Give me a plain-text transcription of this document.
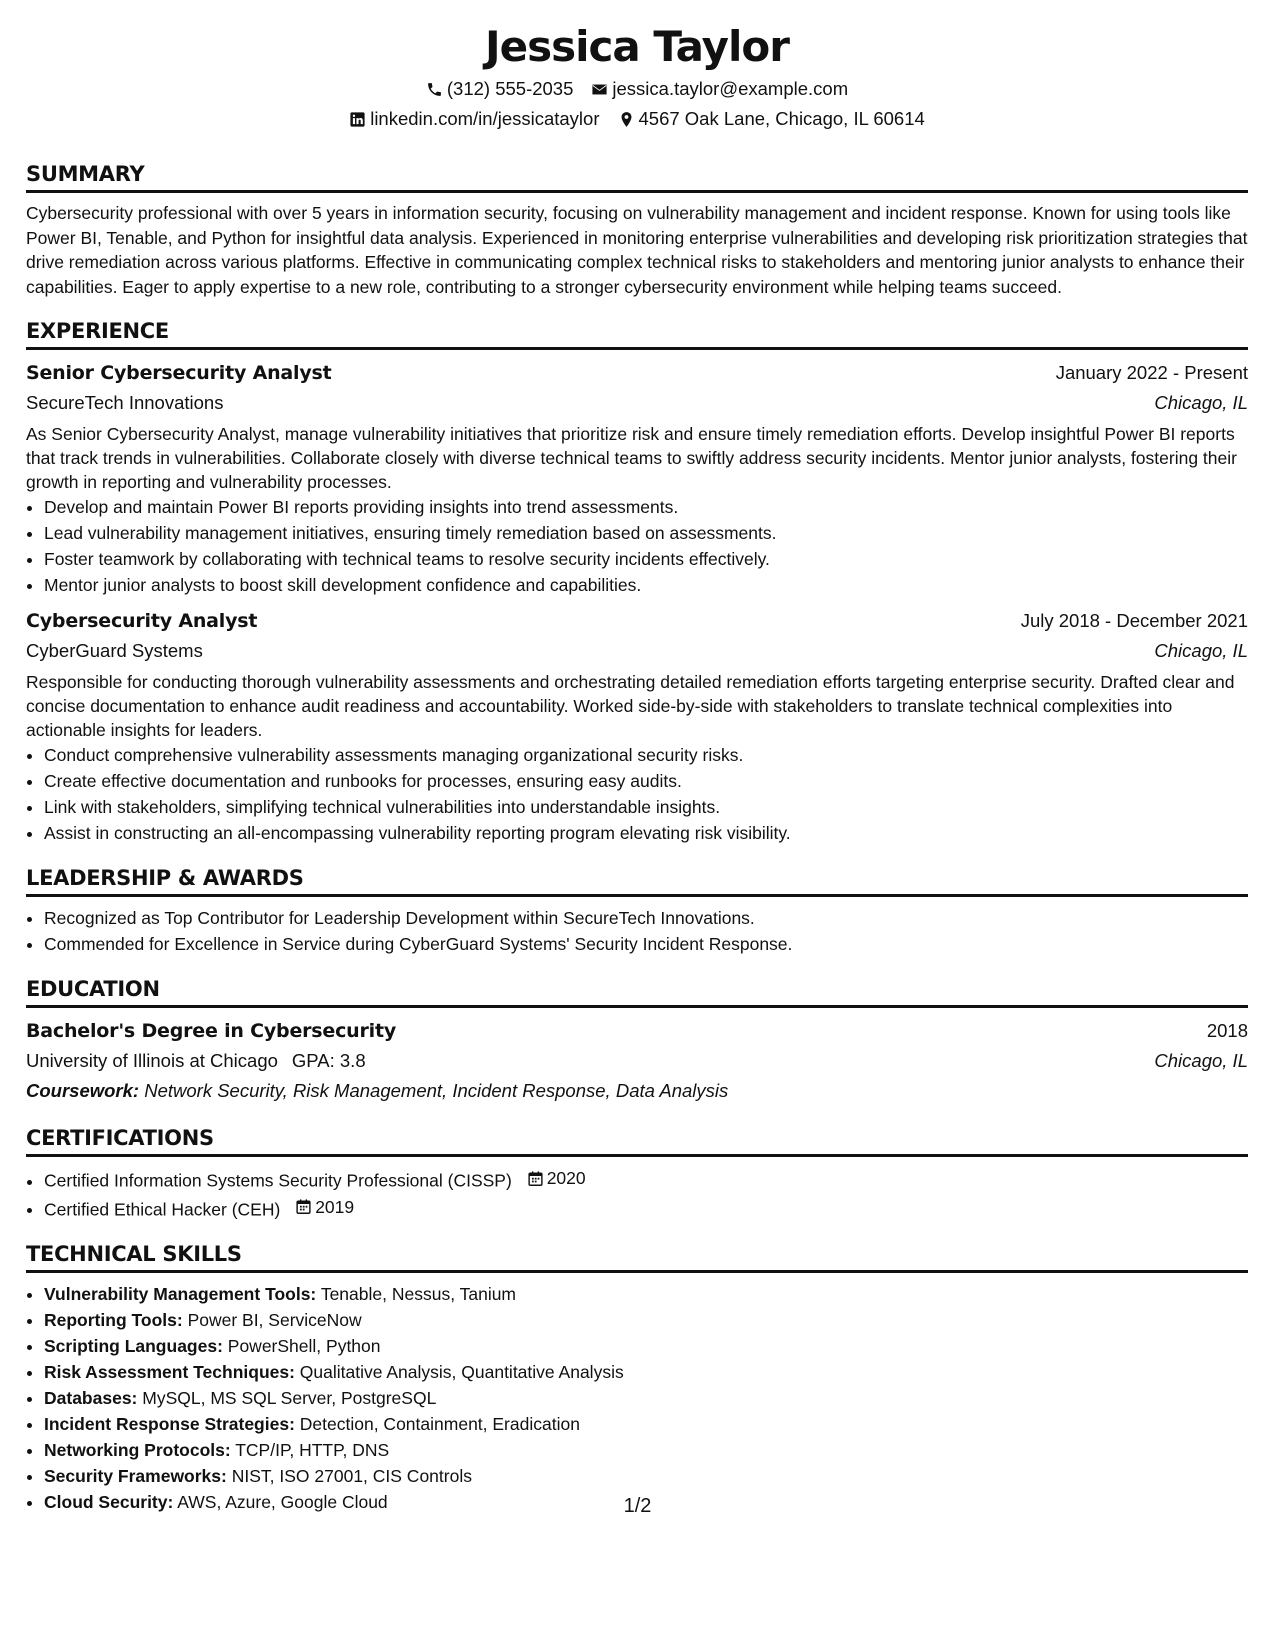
Jessica Taylor
(312) 555-2035 jessica.taylor@example.com
linkedin.com/in/jessicataylor 4567 Oak Lane, Chicago, IL 60614
SUMMARY

Cybersecurity professional with over 5 years in information security, focusing on vulnerability management and incident response. Known for using tools like Power BI, Tenable, and Python for insightful data analysis. Experienced in monitoring enterprise vulnerabilities and developing risk prioritization strategies that drive remediation across various platforms. Effective in communicating complex technical risks to stakeholders and mentoring junior analysts to enhance their capabilities. Eager to apply expertise to a new role, contributing to a stronger cybersecurity environment while helping teams succeed.

EXPERIENCE
Senior Cybersecurity Analyst	January 2022 - Present
SecureTech Innovations	Chicago, IL

As Senior Cybersecurity Analyst, manage vulnerability initiatives that prioritize risk and ensure timely remediation efforts. Develop insightful Power BI reports that track trends in vulnerabilities. Collaborate closely with diverse technical teams to swiftly address security incidents. Mentor junior analysts, fostering their growth in reporting and vulnerability processes.

• Develop and maintain Power BI reports providing insights into trend assessments.
• Lead vulnerability management initiatives, ensuring timely remediation based on assessments.
• Foster teamwork by collaborating with technical teams to resolve security incidents effectively.
• Mentor junior analysts to boost skill development confidence and capabilities.
Cybersecurity Analyst	July 2018 - December 2021
CyberGuard Systems	Chicago, IL

Responsible for conducting thorough vulnerability assessments and orchestrating detailed remediation efforts targeting enterprise security. Drafted clear and concise documentation to enhance audit readiness and accountability. Worked side-by-side with stakeholders to translate technical complexities into actionable insights for leaders.

• Conduct comprehensive vulnerability assessments managing organizational security risks.
• Create effective documentation and runbooks for processes, ensuring easy audits.
• Link with stakeholders, simplifying technical vulnerabilities into understandable insights.
• Assist in constructing an all-encompassing vulnerability reporting program elevating risk visibility.
LEADERSHIP & AWARDS
• Recognized as Top Contributor for Leadership Development within SecureTech Innovations.
• Commended for Excellence in Service during CyberGuard Systems' Security Incident Response.
EDUCATION
Bachelor's Degree in Cybersecurity	2018
University of Illinois at Chicago GPA: 3.8	Chicago, IL
Coursework: Network Security, Risk Management, Incident Response, Data Analysis
CERTIFICATIONS
• Certified Information Systems Security Professional (CISSP) 2020
• Certified Ethical Hacker (CEH) 2019
TECHNICAL SKILLS
• Vulnerability Management Tools: Tenable, Nessus, Tanium
• Reporting Tools: Power BI, ServiceNow
• Scripting Languages: PowerShell, Python
• Risk Assessment Techniques: Qualitative Analysis, Quantitative Analysis
• Databases: MySQL, MS SQL Server, PostgreSQL
• Incident Response Strategies: Detection, Containment, Eradication
• Networking Protocols: TCP/IP, HTTP, DNS
• Security Frameworks: NIST, ISO 27001, CIS Controls
• Cloud Security: AWS, Azure, Google Cloud	1/2
